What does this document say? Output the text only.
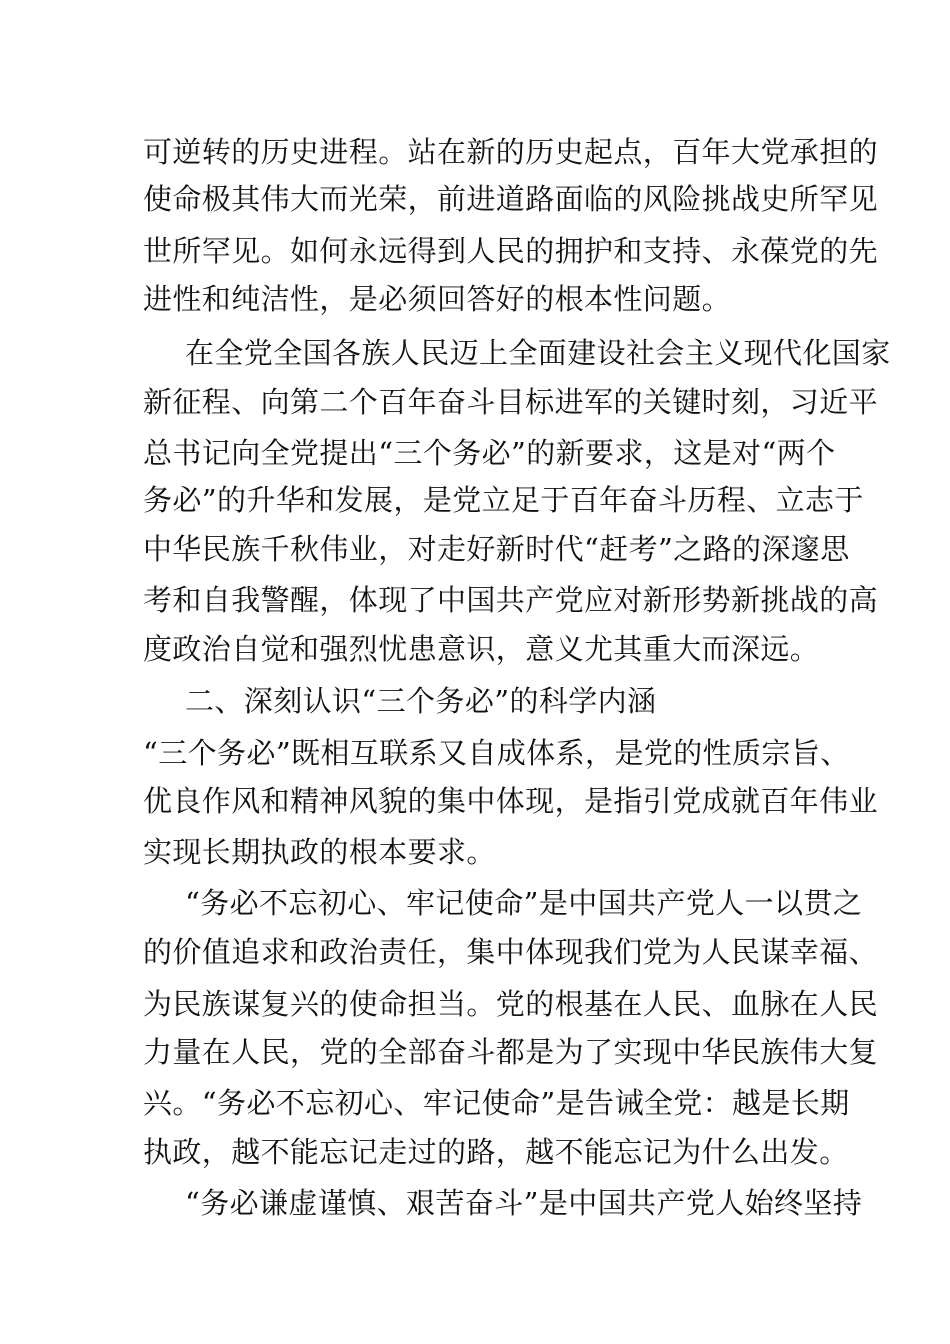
可逆转的历史进程。站在新的历史起点，百年大党承担的
使命极其伟大而光荣，前进道路面临的风险挑战史所罕见
世所罕见。如何永远得到人民的拥护和支持、永葆党的先
进性和纯洁性，是必须回答好的根本性问题。
在全党全国各族人民迈上全面建设社会主义现代化国家
新征程、向第二个百年奋斗目标进军的关键时刻，习近平
总书记向全党提出“三个务必”的新要求，这是对“两个
务必”的升华和发展，是党立足于百年奋斗历程、立志于
中华民族千秋伟业，对走好新时代“赶考”之路的深邃思
考和自我警醒，体现了中国共产党应对新形势新挑战的高
度政治自觉和强烈忧患意识，意义尤其重大而深远。
二、深刻认识“三个务必”的科学内涵
“三个务必”既相互联系又自成体系，是党的性质宗旨、
优良作风和精神风貌的集中体现，是指引党成就百年伟业
实现长期执政的根本要求。
“务必不忘初心、牢记使命”是中国共产党人一以贯之
的价值追求和政治责任，集中体现我们党为人民谋幸福、
为民族谋复兴的使命担当。党的根基在人民、血脉在人民
力量在人民，党的全部奋斗都是为了实现中华民族伟大复
兴。“务必不忘初心、牢记使命”是告诫全党：越是长期
执政，越不能忘记走过的路，越不能忘记为什么出发。
“务必谦虚谨慎、艰苦奋斗”是中国共产党人始终坚持
